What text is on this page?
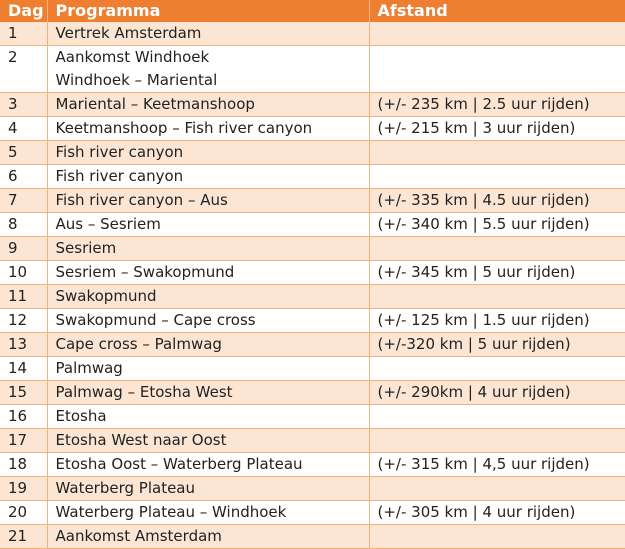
Dag	Programma	Afstand
1	Vertrek Amsterdam	

2	Aankomst Windhoek
Windhoek – Mariental	

3	Mariental – Keetmanshoop	(+/- 235 km | 2.5 uur rijden)
4	Keetmanshoop – Fish river canyon	(+/- 215 km | 3 uur rijden)
5	Fish river canyon	

6	Fish river canyon	

7	Fish river canyon – Aus	(+/- 335 km | 4.5 uur rijden)
8	Aus – Sesriem	(+/- 340 km | 5.5 uur rijden)
9	Sesriem	

10	Sesriem – Swakopmund	(+/- 345 km | 5 uur rijden)
11	Swakopmund	

12	Swakopmund – Cape cross	(+/- 125 km | 1.5 uur rijden)
13	Cape cross – Palmwag	(+/-320 km | 5 uur rijden)
14	Palmwag	

15	Palmwag – Etosha West	(+/- 290km | 4 uur rijden)
16	Etosha	

17	Etosha West naar Oost	

18	Etosha Oost – Waterberg Plateau	(+/- 315 km | 4,5 uur rijden)
19	Waterberg Plateau	

20	Waterberg Plateau – Windhoek	(+/- 305 km | 4 uur rijden)
21	Aankomst Amsterdam	
